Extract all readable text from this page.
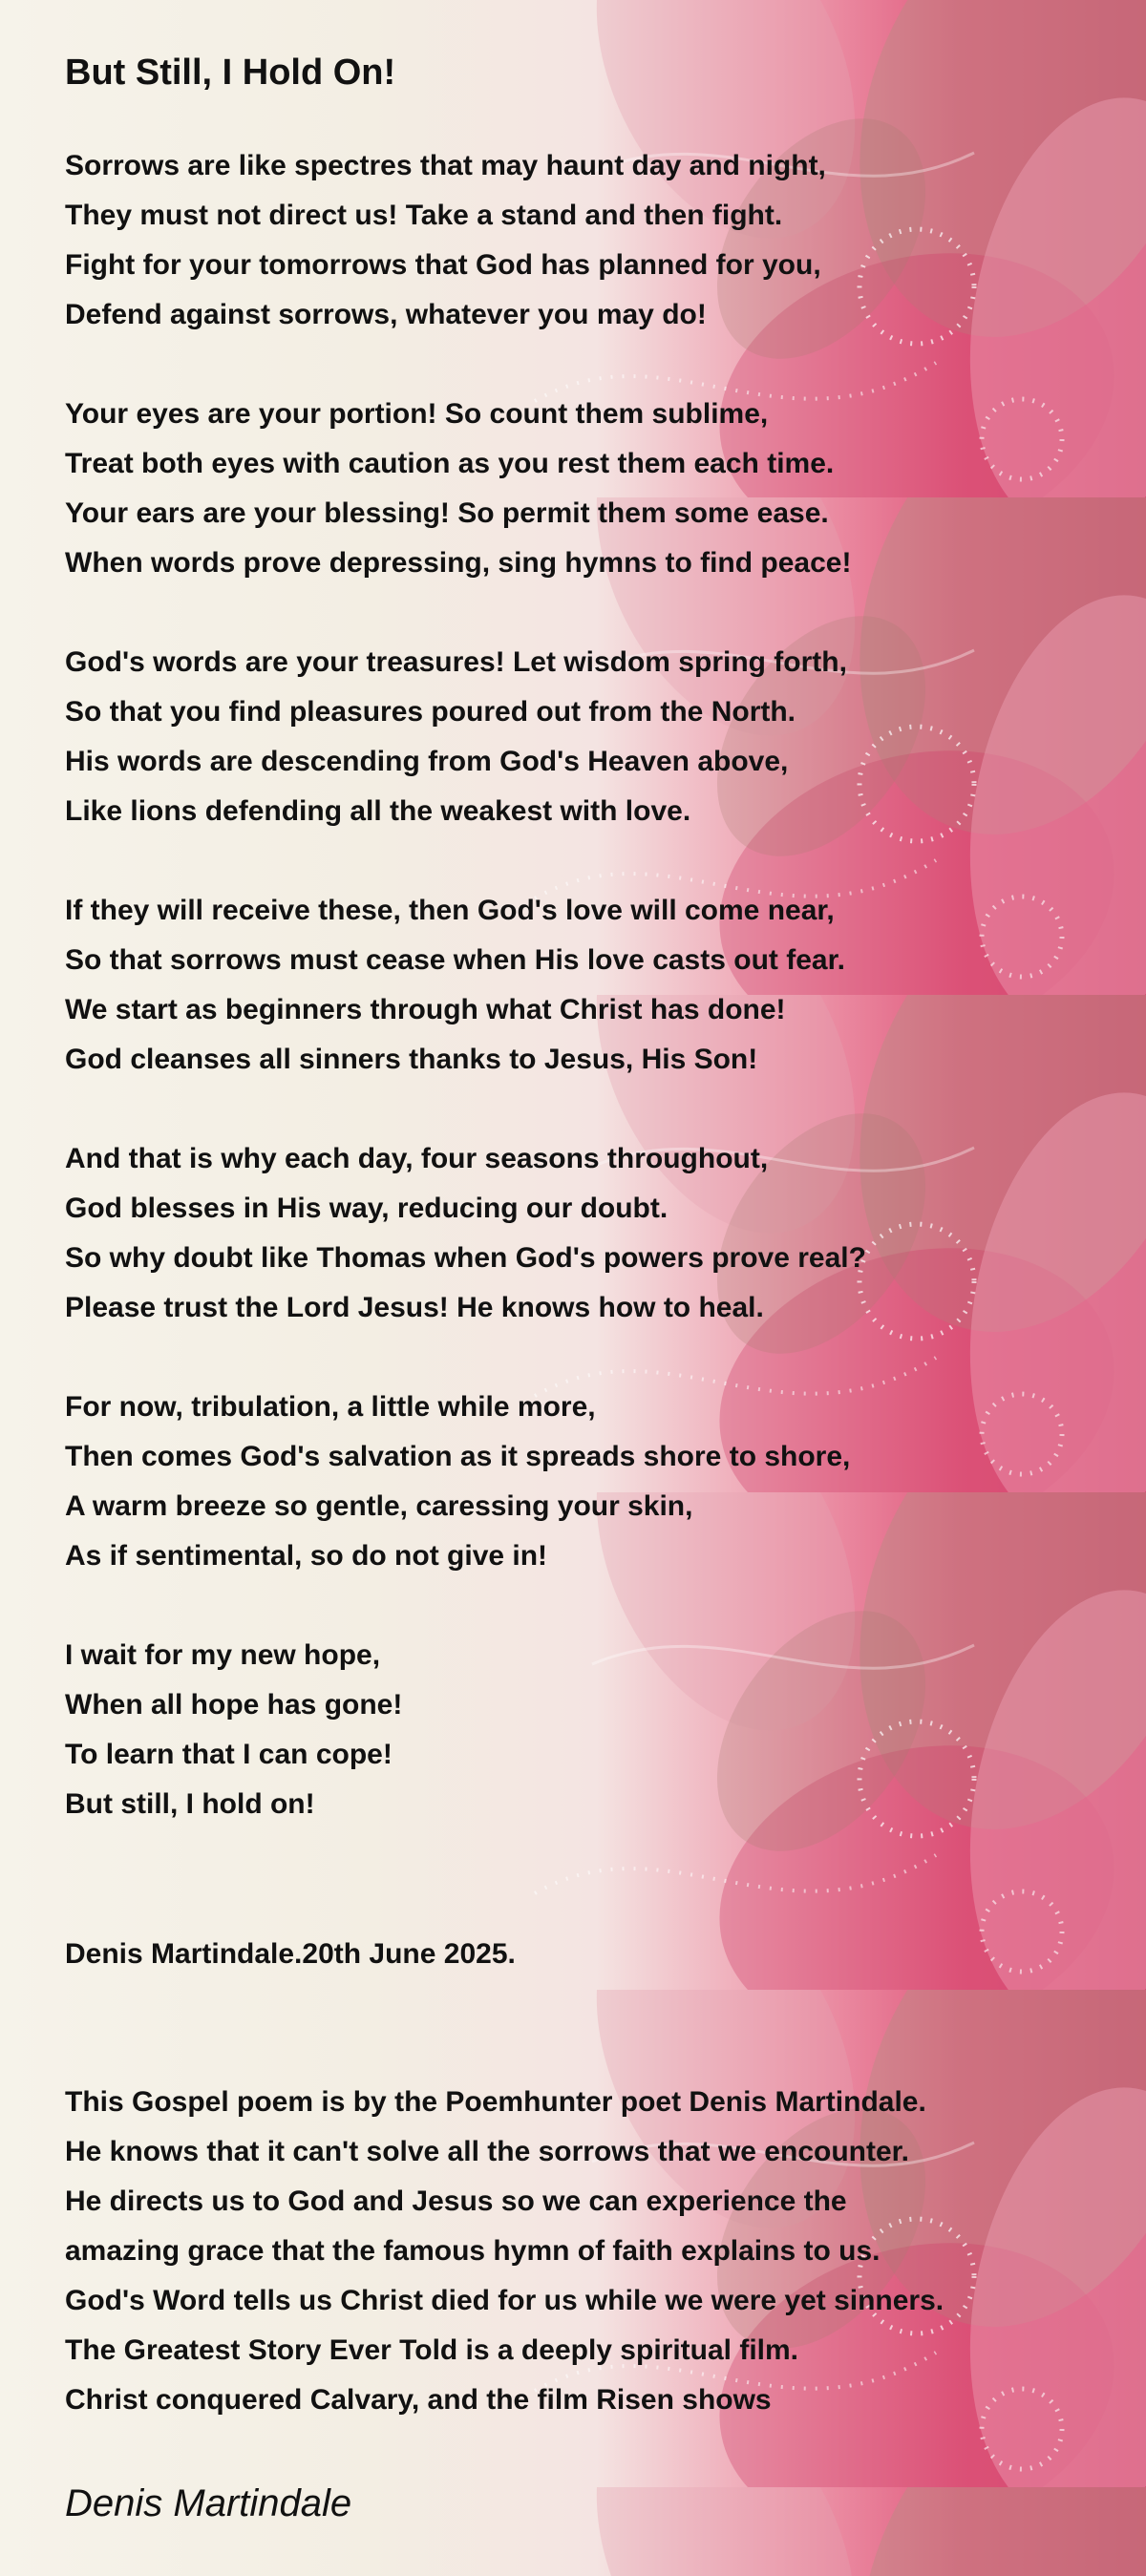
But Still, I Hold On!

Sorrows are like spectres that may haunt day and night,
They must not direct us! Take a stand and then fight.
Fight for your tomorrows that God has planned for you,
Defend against sorrows, whatever you may do!

Your eyes are your portion! So count them sublime,
Treat both eyes with caution as you rest them each time.
Your ears are your blessing! So permit them some ease.
When words prove depressing, sing hymns to find peace!

God's words are your treasures! Let wisdom spring forth,
So that you find pleasures poured out from the North.
His words are descending from God's Heaven above,
Like lions defending all the weakest with love.

If they will receive these, then God's love will come near,
So that sorrows must cease when His love casts out fear.
We start as beginners through what Christ has done!
God cleanses all sinners thanks to Jesus, His Son!

And that is why each day, four seasons throughout,
God blesses in His way, reducing our doubt.
So why doubt like Thomas when God's powers prove real?
Please trust the Lord Jesus! He knows how to heal.

For now, tribulation, a little while more,
Then comes God's salvation as it spreads shore to shore,
A warm breeze so gentle, caressing your skin,
As if sentimental, so do not give in!

I wait for my new hope,
When all hope has gone!
To learn that I can cope!
But still, I hold on!

Denis Martindale.20th June 2025.

This Gospel poem is by the Poemhunter poet Denis Martindale.
He knows that it can't solve all the sorrows that we encounter.
He directs us to God and Jesus so we can experience the
amazing grace that the famous hymn of faith explains to us.
God's Word tells us Christ died for us while we were yet sinners.
The Greatest Story Ever Told is a deeply spiritual film.
Christ conquered Calvary, and the film Risen shows

Denis Martindale
